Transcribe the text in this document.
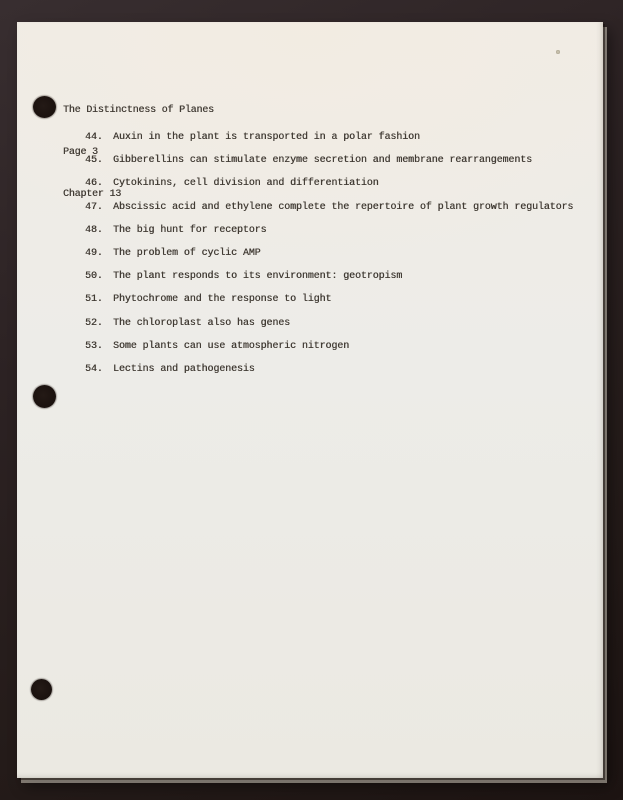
The Distinctness of Planes

Page 3

Chapter 13

44.	Auxin in the plant is transported in a polar fashion
45.	Gibberellins can stimulate enzyme secretion and membrane rearrangements
46.	Cytokinins, cell division and differentiation
47.	Abscissic acid and ethylene complete the repertoire of plant growth regulators
48.	The big hunt for receptors
49.	The problem of cyclic AMP
50.	The plant responds to its environment: geotropism
51.	Phytochrome and the response to light
52.	The chloroplast also has genes
53.	Some plants can use atmospheric nitrogen
54.	Lectins and pathogenesis
